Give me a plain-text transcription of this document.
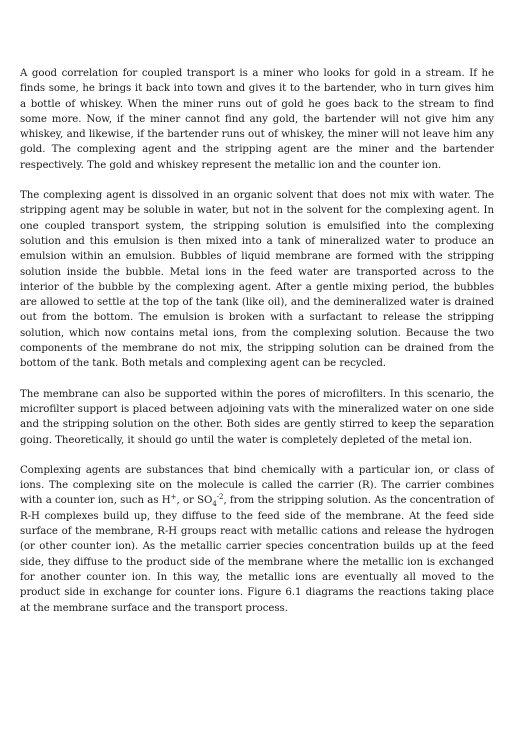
A good correlation for coupled transport is a miner who looks for gold in a stream. If he finds some, he brings it back into town and gives it to the bartender, who in turn gives him a bottle of whiskey. When the miner runs out of gold he goes back to the stream to find some more. Now, if the miner cannot find any gold, the bartender will not give him any whiskey, and likewise, if the bartender runs out of whiskey, the miner will not leave him any gold. The complexing agent and the stripping agent are the miner and the bartender respectively. The gold and whiskey represent the metallic ion and the counter ion.

The complexing agent is dissolved in an organic solvent that does not mix with water. The stripping agent may be soluble in water, but not in the solvent for the complexing agent. In one coupled transport system, the stripping solution is emulsified into the complexing solution and this emulsion is then mixed into a tank of mineralized water to produce an emulsion within an emulsion. Bubbles of liquid membrane are formed with the stripping solution inside the bubble. Metal ions in the feed water are transported across to the interior of the bubble by the complexing agent. After a gentle mixing period, the bubbles are allowed to settle at the top of the tank (like oil), and the demineralized water is drained out from the bottom. The emulsion is broken with a surfactant to release the stripping solution, which now contains metal ions, from the complexing solution. Because the two components of the membrane do not mix, the stripping solution can be drained from the bottom of the tank. Both metals and complexing agent can be recycled.

The membrane can also be supported within the pores of microfilters. In this scenario, the microfilter support is placed between adjoining vats with the mineralized water on one side and the stripping solution on the other. Both sides are gently stirred to keep the separation going. Theoretically, it should go until the water is completely depleted of the metal ion.

Complexing agents are substances that bind chemically with a particular ion, or class of ions. The complexing site on the molecule is called the carrier (R). The carrier combines with a counter ion, such as H+, or $SO_4^{-2}$, from the stripping solution. As the concentration of R-H complexes build up, they diffuse to the feed side of the membrane. At the feed side surface of the membrane, R-H groups react with metallic cations and release the hydrogen (or other counter ion). As the metallic carrier species concentration builds up at the feed side, they diffuse to the product side of the membrane where the metallic ion is exchanged for another counter ion. In this way, the metallic ions are eventually all moved to the product side in exchange for counter ions. Figure 6.1 diagrams the reactions taking place at the membrane surface and the transport process.
